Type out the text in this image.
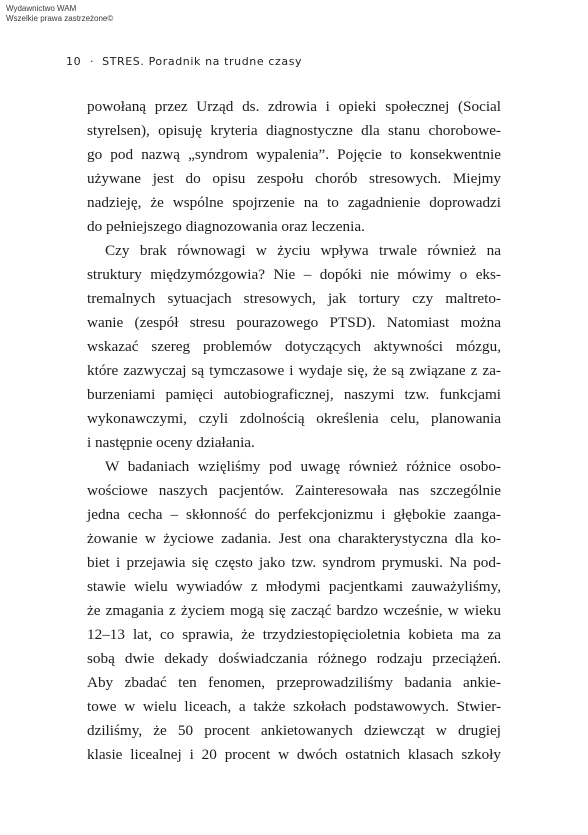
Wydawnictwo WAM
Wszelkie prawa zastrzeżone©
10 · STRES. Poradnik na trudne czasy
powołaną przez Urząd ds. zdrowia i opieki społecznej (Social
styrelsen), opisuję kryteria diagnostyczne dla stanu chorobowe-
go pod nazwą „syndrom wypalenia”. Pojęcie to konsekwentnie
używane jest do opisu zespołu chorób stresowych. Miejmy
nadzieję, że wspólne spojrzenie na to zagadnienie doprowadzi
do pełniejszego diagnozowania oraz leczenia.
Czy brak równowagi w życiu wpływa trwale również na
struktury międzymózgowia? Nie – dopóki nie mówimy o eks-
tremalnych sytuacjach stresowych, jak tortury czy maltreto-
wanie (zespół stresu pourazowego PTSD). Natomiast można
wskazać szereg problemów dotyczących aktywności mózgu,
które zazwyczaj są tymczasowe i wydaje się, że są związane z za-
burzeniami pamięci autobiograficznej, naszymi tzw. funkcjami
wykonawczymi, czyli zdolnością określenia celu, planowania
i następnie oceny działania.
W badaniach wzięliśmy pod uwagę również różnice osobo-
wościowe naszych pacjentów. Zainteresowała nas szczególnie
jedna cecha – skłonność do perfekcjonizmu i głębokie zaanga-
żowanie w życiowe zadania. Jest ona charakterystyczna dla ko-
biet i przejawia się często jako tzw. syndrom prymuski. Na pod-
stawie wielu wywiadów z młodymi pacjentkami zauważyliśmy,
że zmagania z życiem mogą się zacząć bardzo wcześnie, w wieku
12–13 lat, co sprawia, że trzydziestopięcioletnia kobieta ma za
sobą dwie dekady doświadczania różnego rodzaju przeciążeń.
Aby zbadać ten fenomen, przeprowadziliśmy badania ankie-
towe w wielu liceach, a także szkołach podstawowych. Stwier-
dziliśmy, że 50 procent ankietowanych dziewcząt w drugiej
klasie licealnej i 20 procent w dwóch ostatnich klasach szkoły
